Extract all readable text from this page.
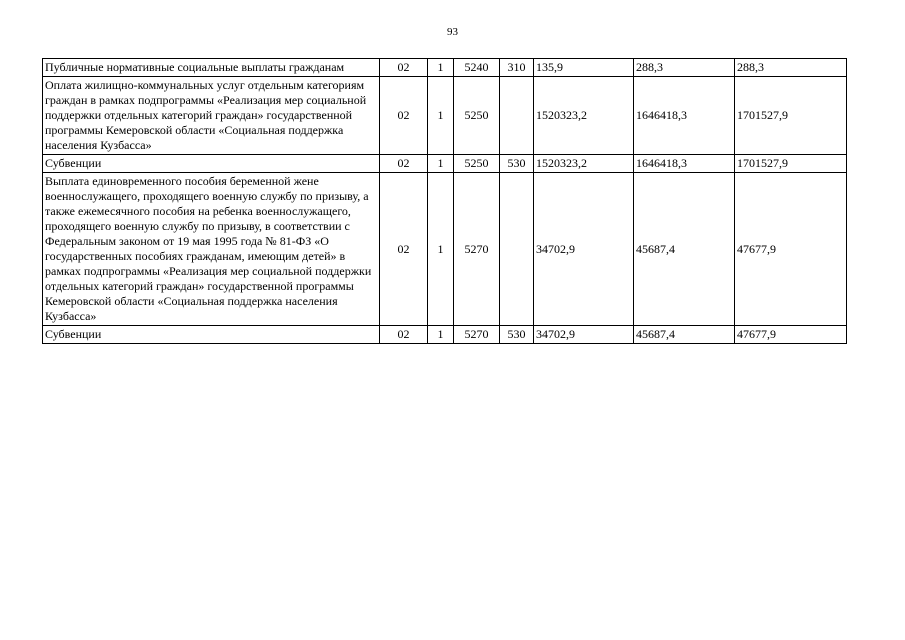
93
Публичные нормативные социальные выплаты гражданам	02	1	5240	310	135,9	288,3	288,3
Оплата жилищно-коммунальных услуг отдельным категориям граждан в рамках подпрограммы «Реализация мер социальной поддержки отдельных категорий граждан» государственной программы Кемеровской области «Социальная поддержка населения Кузбасса»	02	1	5250		1520323,2	1646418,3	1701527,9
Субвенции	02	1	5250	530	1520323,2	1646418,3	1701527,9
Выплата единовременного пособия беременной жене военнослужащего, проходящего военную службу по призыву, а также ежемесячного пособия на ребенка военнослужащего, проходящего военную службу по призыву, в соответствии с Федеральным законом от 19 мая 1995 года № 81-ФЗ «О государственных пособиях гражданам, имеющим детей» в рамках подпрограммы «Реализация мер социальной поддержки отдельных категорий граждан» государственной программы Кемеровской области «Социальная поддержка населения Кузбасса»	02	1	5270		34702,9	45687,4	47677,9
Субвенции	02	1	5270	530	34702,9	45687,4	47677,9
